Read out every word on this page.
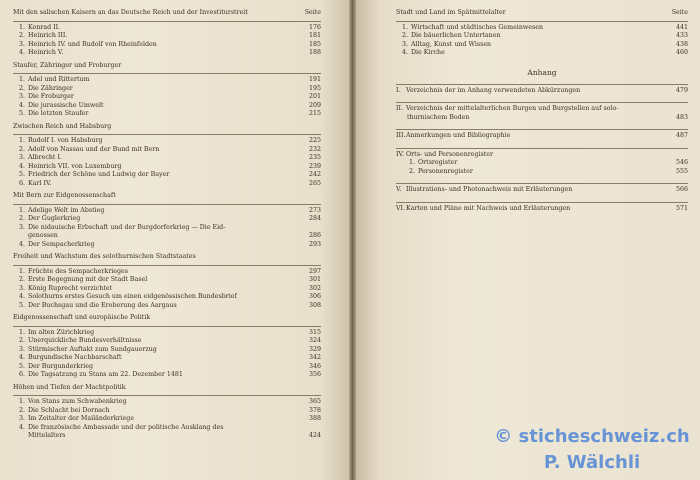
Mit den salischen Kaisern an das Deutsche Reich und der Investiturstreit	Seite
1. Konrad II.	176
2. Heinrich III.	181
3. Heinrich IV. und Rudolf von Rheinfelden	185
4. Heinrich V.	188
Staufer, Zähringer und Froburger
1. Adel und Rittertum	191
2. Die Zähringer	195
3. Die Froburger	201
4. Die jurassische Umwelt	209
5. Die letzten Staufer	215
Zwischen Reich und Habsburg
1. Rudolf I. von Habsburg	225
2. Adolf von Nassau und der Bund mit Bern	232
3. Albrecht I.	235
4. Heinrich VII. von Luxemburg	239
5. Friedrich der Schöne und Ludwig der Bayer	242
6. Karl IV.	265
Mit Bern zur Eidgenossenschaft
1. Adelige Welt im Abstieg	273
2. Der Guglerkrieg	284
3. Die nidauische Erbschaft und der Burgdorferkrieg — Die Eid-
genossen	286
4. Der Sempacherkrieg	293
Freiheit und Wachstum des solothurnischen Stadtstaates
1. Früchte des Sempacherkrieges	297
2. Erste Begegnung mit der Stadt Basel	301
3. König Ruprecht verzichtet	302
4. Solothurns erstes Gesuch um einen eidgenössischen Bundesbrief	306
5. Der Buchsgau und die Eroberung des Aargaus	308
Eidgenossenschaft und europäische Politik
1. Im alten Zürichkrieg	315
2. Unerquickliche Bundesverhältnisse	324
3. Stürmischer Auftakt zum Sundgauerzug	329
4. Burgundische Nachbarschaft	342
5. Der Burgunderkrieg	346
6. Die Tagsatzung zu Stans am 22. Dezember 1481	356
Höhen und Tiefen der Machtpolitik
1. Von Stans zum Schwabenkrieg	365
2. Die Schlacht bei Dornach	378
3. Im Zeitalter der Mailänderkriege	388
4. Die französische Ambassade und der politische Ausklang des
Mittelalters	424
Stadt und Land im Spätmittelalter	Seite
1. Wirtschaft und städtisches Gemeinwesen	441
2. Die bäuerlichen Untertanen	433
3. Alltag, Kunst und Wissen	438
4. Die Kirche	460
Anhang
I. Verzeichnis der im Anhang verwendeten Abkürzungen	479
II. Verzeichnis der mittelalterlichen Burgen und Burgstellen auf solo-
thurnischem Boden	483
III.Anmerkungen und Bibliographie	487
IV. Orts- und Personenregister
1. Ortsregister	546
2. Personenregister	555
V. Illustrations- und Photonachweis mit Erläuterungen	566
VI.Karten und Pläne mit Nachweis und Erläuterungen	571
© sticheschweiz.ch
P. Wälchli
